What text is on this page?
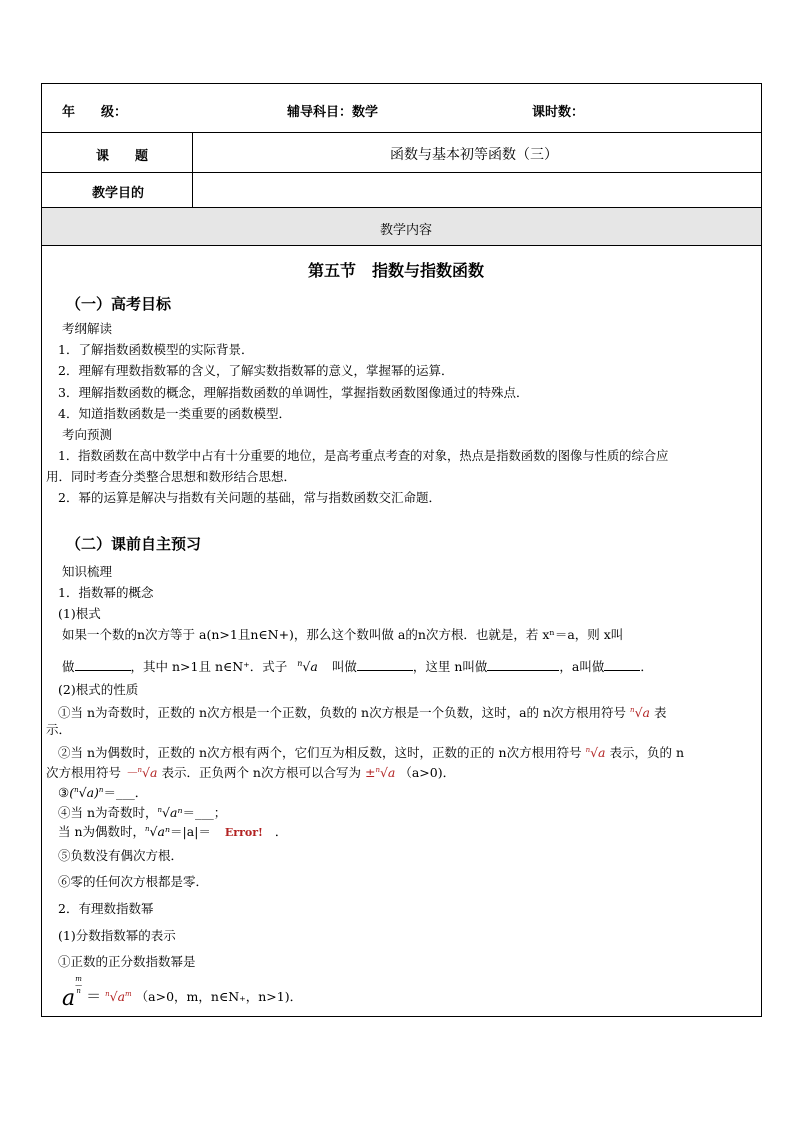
年　　级：	辅导科目：数学	课时数：
课　　题	函数与基本初等函数（三）
教学目的
教学内容
第五节　指数与指数函数
（一）高考目标
考纲解读
1．了解指数函数模型的实际背景．
2．理解有理数指数幂的含义，了解实数指数幂的意义，掌握幂的运算．
3．理解指数函数的概念，理解指数函数的单调性，掌握指数函数图像通过的特殊点．
4．知道指数函数是一类重要的函数模型．
考向预测
1．指数函数在高中数学中占有十分重要的地位，是高考重点考查的对象，热点是指数函数的图像与性质的综合应
用．同时考查分类整合思想和数形结合思想．
2．幂的运算是解决与指数有关问题的基础，常与指数函数交汇命题．
（二）课前自主预习
知识梳理
1．指数幂的概念
(1)根式
如果一个数的n次方等于 a(n>1且n∈N+)，那么这个数叫做 a的n次方根．也就是，若 xⁿ＝a，则 x叫
做	，其中 n>1且 n∈N⁺．式子 $^n$√a 叫做	，这里 n叫做	，a叫做	．
(2)根式的性质
①当 n为奇数时，正数的 n次方根是一个正数，负数的 n次方根是一个负数，这时，a的 n次方根用符号 $^n$√a 表
示．
②当 n为偶数时，正数的 n次方根有两个，它们互为相反数，这时，正数的正的 n次方根用符号 $^n$√a 表示，负的 n
次方根用符号 －$^n$√a 表示．正负两个 n次方根可以合写为 ±$^n$√a （a>0)．
$③(^n√a)^n=\_\_\_$．
④当 n为奇数时，$^n$√aⁿ＝___；
当 n为偶数时，$^n$√aⁿ＝|a|＝ Error! ．
⑤负数没有偶次方根．
⑥零的任何次方根都是零．
2．有理数指数幂
(1)分数指数幂的表示
①正数的正分数指数幂是
am
—
$n = ^n√a^m$ （a>0，m，n∈N₊，n>1)．
